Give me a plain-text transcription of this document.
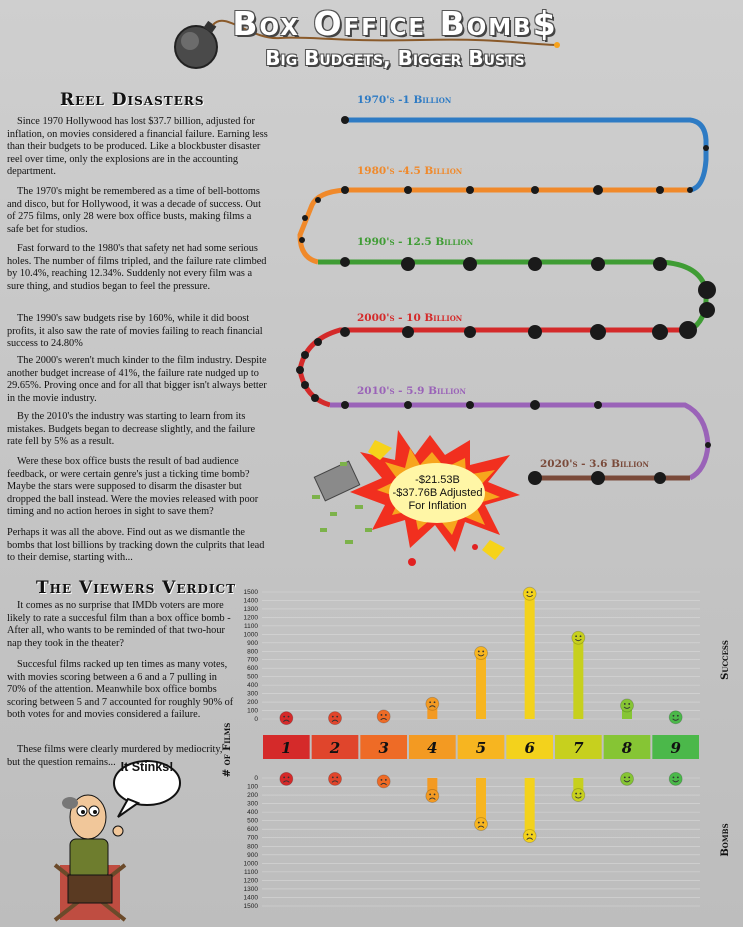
Box Office Bomb$
Big Budgets, Bigger Busts
Reel Disasters

Since 1970 Hollywood has lost $37.7 billion, adjusted for inflation, on movies considered a financial failure. Earning less than their budgets to be produced. Like a blockbuster disaster reel over time, only the explosions are in the accounting department.

The 1970's might be remembered as a time of bell-bottoms and disco, but for Hollywood, it was a decade of success. Out of 275 films, only 28 were box office busts, making films a safe bet for studios.

Fast forward to the 1980's that safety net had some serious holes. The number of films tripled, and the failure rate climbed by 10.4%, reaching 12.34%. Suddenly not every film was a sure thing, and studios began to feel the pressure.

The 1990's saw budgets rise by 160%, while it did boost profits, it also saw the rate of movies failing to reach financial success to 24.80%

The 2000's weren't much kinder to the film industry. Despite another budget increase of 41%, the failure rate nudged up to 29.65%. Proving once and for all that bigger isn't always better in the movie industry.

By the 2010's the industry was starting to learn from its mistakes. Budgets began to decrease slightly, and the failure rate fell by 5% as a result.

Were these box office busts the result of bad audience feedback, or were certain genre's just a ticking time bomb? Maybe the stars were supposed to disarm the disaster but dropped the ball instead. Were the movies released with poor timing and no action heroes in sight to save them?

Perhaps it was all the above. Find out as we dismantle the bombs that lost billions by tracking down the culprits that lead to their demise, starting with...

1970's -1 Billion
1980's -4.5 Billion
1990's - 12.5 Billion
2000's - 10 Billion
2010's - 5.9 Billion
2020's - 3.6 Billion
-$21.53B
-$37.76B Adjusted
For Inflation
The Viewers Verdict

It comes as no surprise that IMDb voters are more likely to rate a succesful film than a box office bomb - After all, who wants to be reminded of that two-hour nap they took in the theater?

Succesful films racked up ten times as many votes, with movies scoring between a 6 and a 7 pulling in 70% of the attention. Meanwhile box office bombs scoring between 5 and 7 accounted for roughly 90% of both votes for and movies considered a failure.

These films were clearly murdered by mediocrity, but the question remains... It Stinks!
1500
1400
1300
1200
1100
1000
900
800
700
600
500
400
300
200
100
0
0
100
200
300
400
500
600
700
800
900
1000
1100
1200
1300
1400
1500
1	2	3	4	5	6	7	8	9
# of Films
Success
Bombs
